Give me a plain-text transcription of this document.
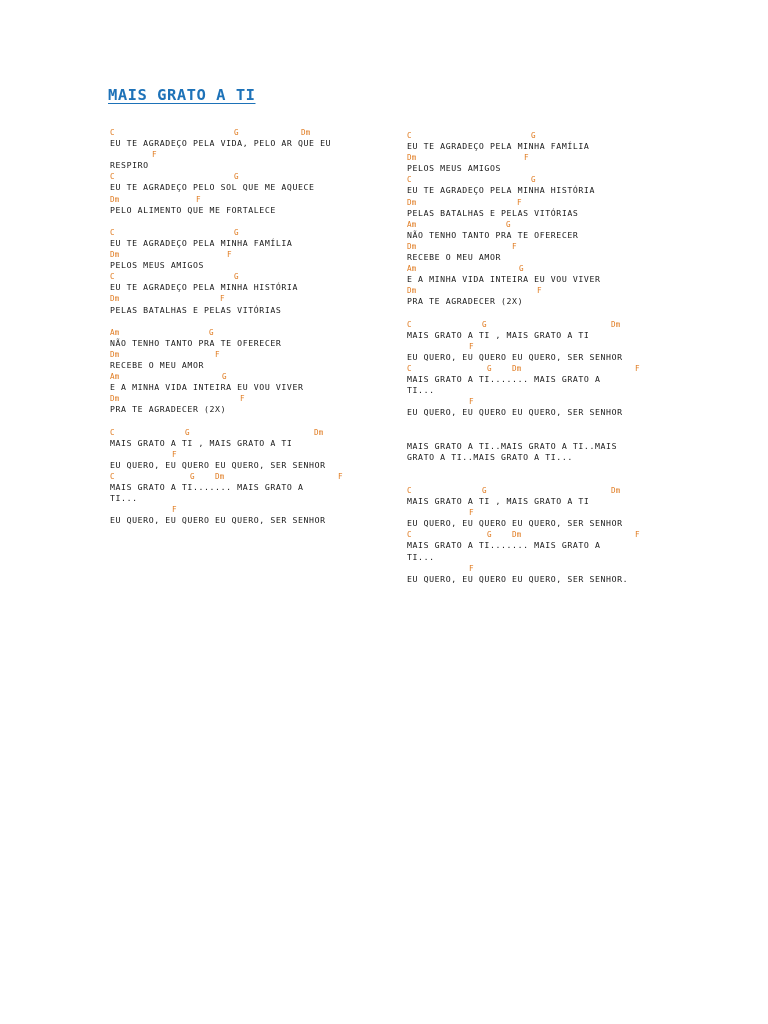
MAIS GRATO A TI
C	G	Dm
EU TE AGRADEÇO PELA VIDA, PELO AR QUE EU
F
RESPIRO
C	G
EU TE AGRADEÇO PELO SOL QUE ME AQUECE
Dm	F
PELO ALIMENTO QUE ME FORTALECE
C	G
EU TE AGRADEÇO PELA MINHA FAMÍLIA
Dm	F
PELOS MEUS AMIGOS
C	G
EU TE AGRADEÇO PELA MINHA HISTÓRIA
Dm	F
PELAS BATALHAS E PELAS VITÓRIAS
Am	G
NÃO TENHO TANTO PRA TE OFERECER
Dm	F
RECEBE O MEU AMOR
Am	G
E A MINHA VIDA INTEIRA EU VOU VIVER
Dm	F
PRA TE AGRADECER (2X)
C	G	Dm
MAIS GRATO A TI , MAIS GRATO A TI
F
EU QUERO, EU QUERO EU QUERO, SER SENHOR
C	G	Dm	F
MAIS GRATO A TI....... MAIS GRATO A
TI...
F
EU QUERO, EU QUERO EU QUERO, SER SENHOR
C	G
EU TE AGRADEÇO PELA MINHA FAMÍLIA
Dm	F
PELOS MEUS AMIGOS
C	G
EU TE AGRADEÇO PELA MINHA HISTÓRIA
Dm	F
PELAS BATALHAS E PELAS VITÓRIAS
Am	G
NÃO TENHO TANTO PRA TE OFERECER
Dm	F
RECEBE O MEU AMOR
Am	G
E A MINHA VIDA INTEIRA EU VOU VIVER
Dm	F
PRA TE AGRADECER (2X)
C	G	Dm
MAIS GRATO A TI , MAIS GRATO A TI
F
EU QUERO, EU QUERO EU QUERO, SER SENHOR
C	G	Dm	F
MAIS GRATO A TI....... MAIS GRATO A
TI...
F
EU QUERO, EU QUERO EU QUERO, SER SENHOR
MAIS GRATO A TI..MAIS GRATO A TI..MAIS
GRATO A TI..MAIS GRATO A TI...
C	G	Dm
MAIS GRATO A TI , MAIS GRATO A TI
F
EU QUERO, EU QUERO EU QUERO, SER SENHOR
C	G	Dm	F
MAIS GRATO A TI....... MAIS GRATO A
TI...
F
EU QUERO, EU QUERO EU QUERO, SER SENHOR.
